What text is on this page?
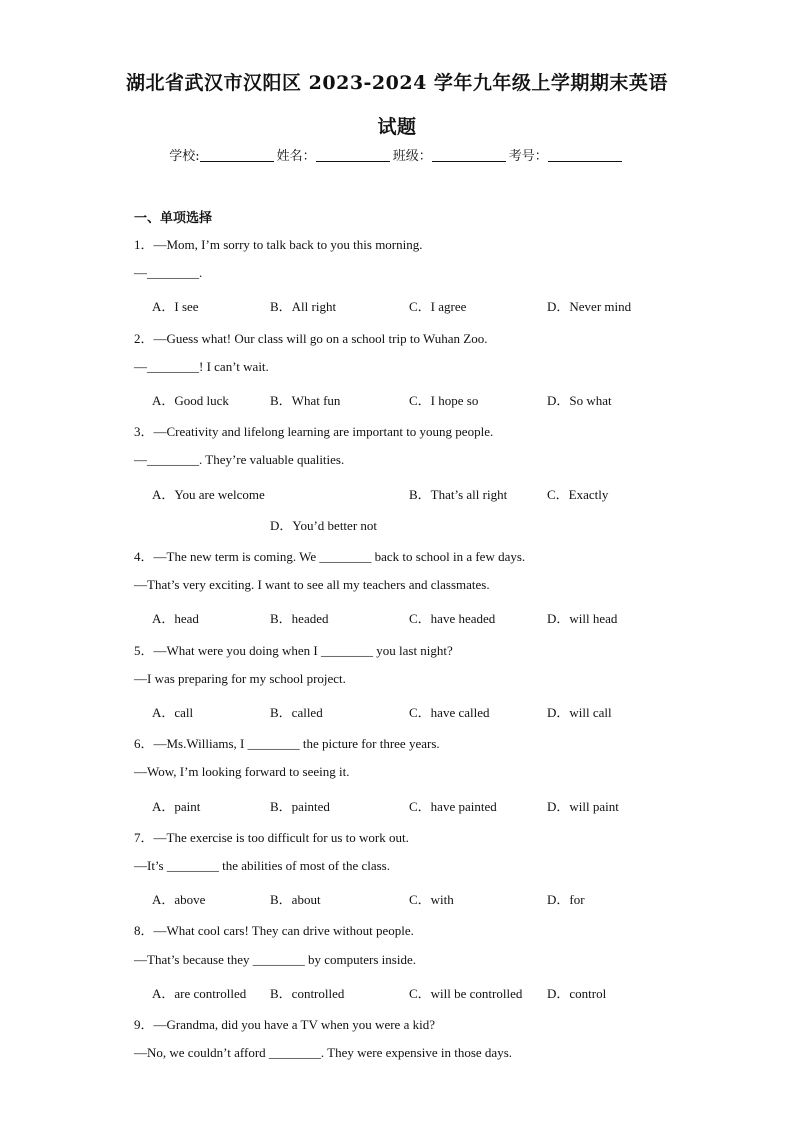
湖北省武汉市汉阳区 2023-2024 学年九年级上学期期末英语
试题
学校:	姓名：	班级：	考号：
一、单项选择
1．—Mom, I’m sorry to talk back to you this morning.
—________.
A．I see	B．All right	C．I agree	D．Never mind
2．—Guess what! Our class will go on a school trip to Wuhan Zoo.
—________! I can’t wait.
A．Good luck	B．What fun	C．I hope so	D．So what
3．—Creativity and lifelong learning are important to young people.
—________. They’re valuable qualities.
A．You are welcome	B．That’s all right	C．Exactly
D．You’d better not
4．—The new term is coming. We ________ back to school in a few days.
—That’s very exciting. I want to see all my teachers and classmates.
A．head	B．headed	C．have headed	D．will head
5．—What were you doing when I ________ you last night?
—I was preparing for my school project.
A．call	B．called	C．have called	D．will call
6．—Ms.Williams, I ________ the picture for three years.
—Wow, I’m looking forward to seeing it.
A．paint	B．painted	C．have painted	D．will paint
7．—The exercise is too difficult for us to work out.
—It’s ________ the abilities of most of the class.
A．above	B．about	C．with	D．for
8．—What cool cars! They can drive without people.
—That’s because they ________ by computers inside.
A．are controlled B．controlled	C．will be controlled D．control
9．—Grandma, did you have a TV when you were a kid?
—No, we couldn’t afford ________. They were expensive in those days.
